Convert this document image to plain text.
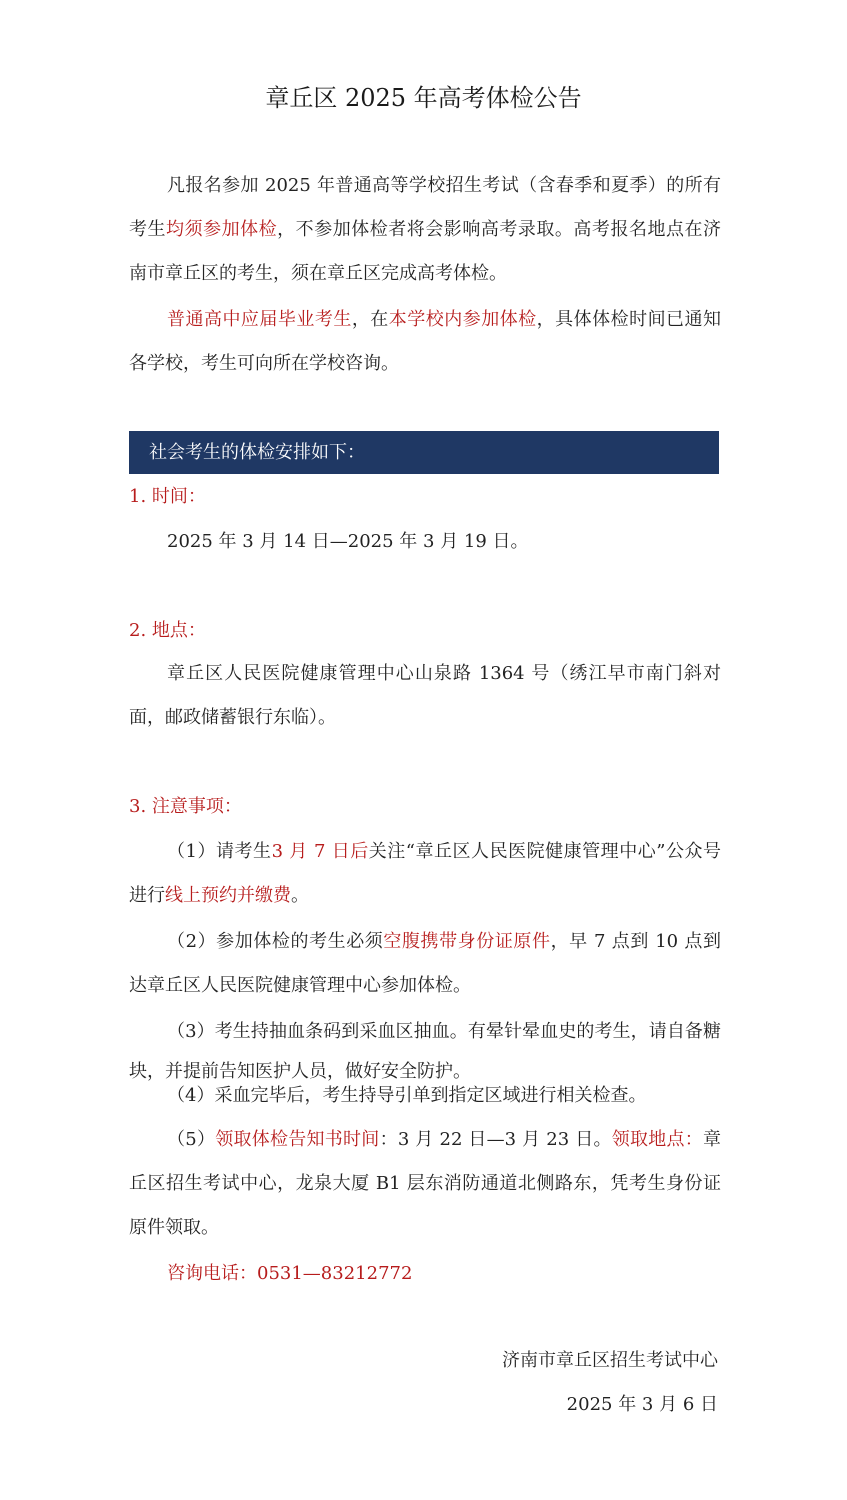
章丘区 2025 年高考体检公告

凡报名参加 2025 年普通高等学校招生考试（含春季和夏季）的所有考生均须参加体检，不参加体检者将会影响高考录取。高考报名地点在济南市章丘区的考生，须在章丘区完成高考体检。

普通高中应届毕业考生，在本学校内参加体检，具体体检时间已通知各学校，考生可向所在学校咨询。

社会考生的体检安排如下：
1. 时间：

2025 年 3 月 14 日—2025 年 3 月 19 日。

2. 地点：

章丘区人民医院健康管理中心山泉路 1364 号（绣江早市南门斜对面，邮政储蓄银行东临）。

3. 注意事项：

（1）请考生3 月 7 日后关注“章丘区人民医院健康管理中心”公众号进行线上预约并缴费。

（2）参加体检的考生必须空腹携带身份证原件，早 7 点到 10 点到达章丘区人民医院健康管理中心参加体检。

（3）考生持抽血条码到采血区抽血。有晕针晕血史的考生，请自备糖块，并提前告知医护人员，做好安全防护。

（4）采血完毕后，考生持导引单到指定区域进行相关检查。

（5）领取体检告知书时间：3 月 22 日—3 月 23 日。领取地点：章丘区招生考试中心，龙泉大厦 B1 层东消防通道北侧路东，凭考生身份证原件领取。

咨询电话：0531—83212772

济南市章丘区招生考试中心
2025 年 3 月 6 日
